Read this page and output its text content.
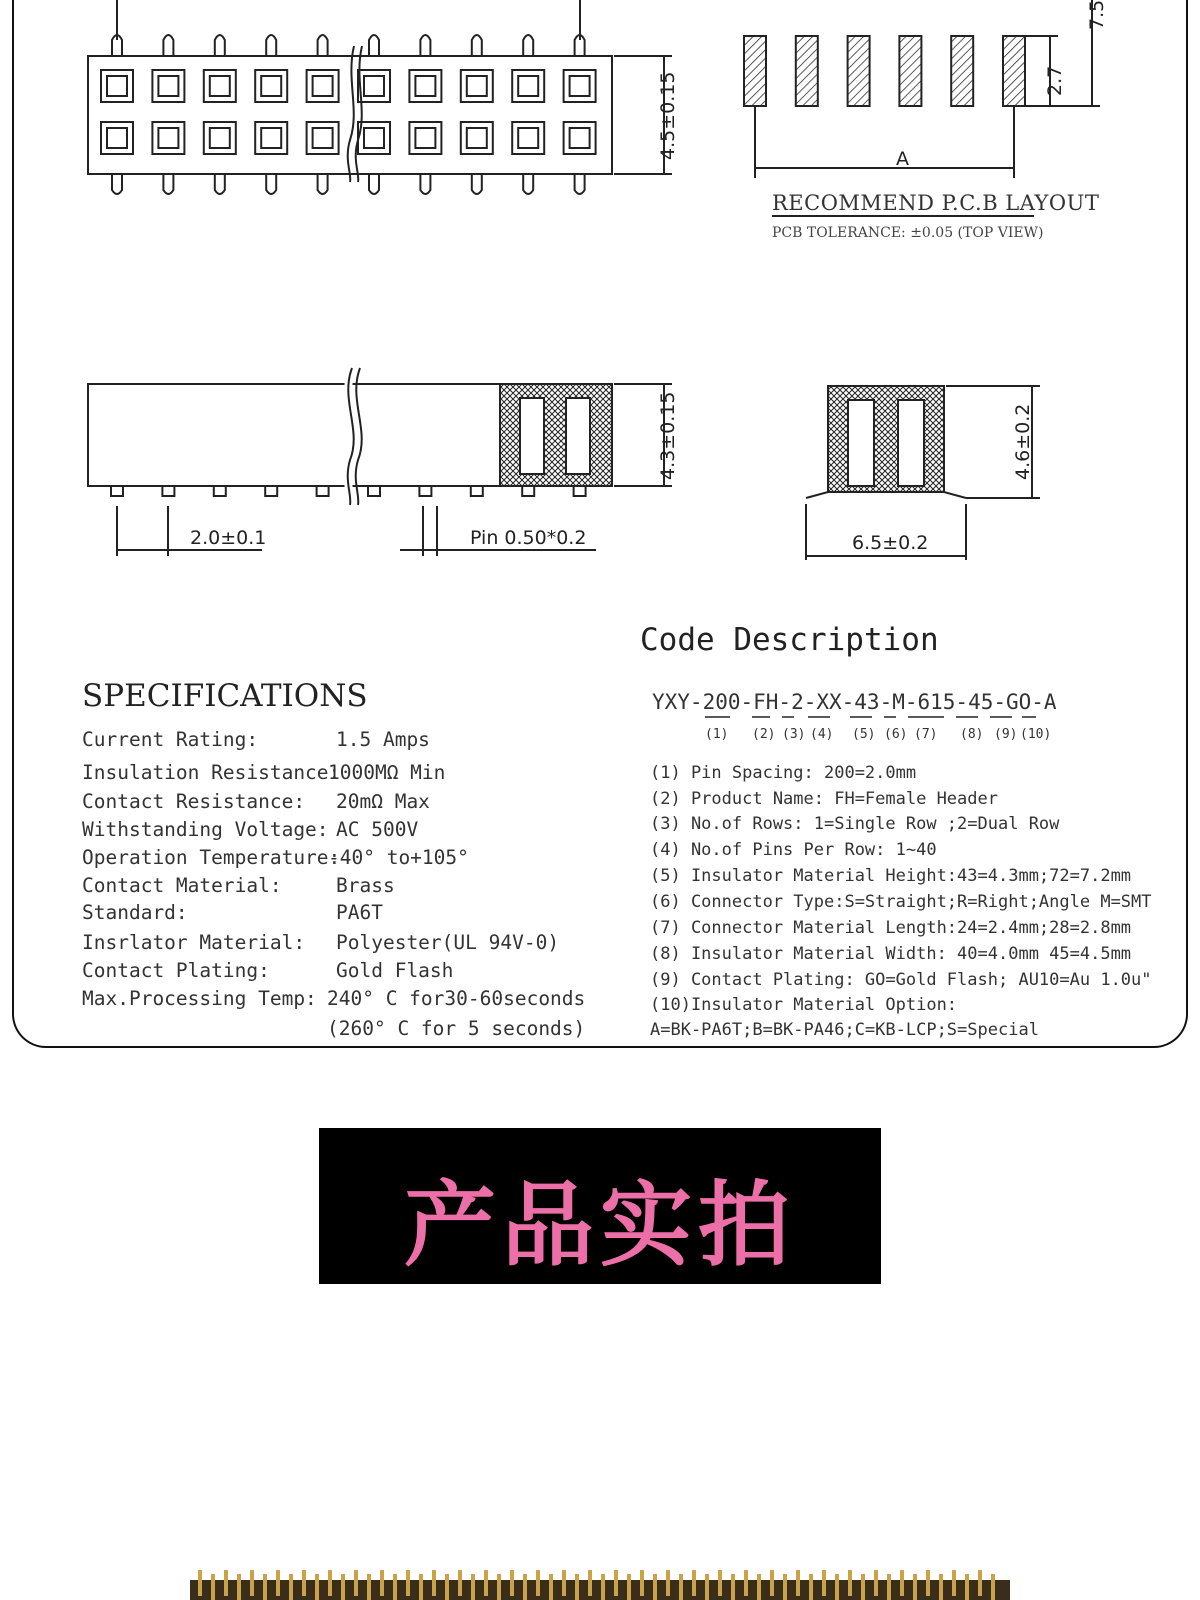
4.5±0.15	A
2.7
7.5
RECOMMEND P.C.B LAYOUT
PCB TOLERANCE: ±0.05 (TOP VIEW)
4.3±0.15
2.0±0.1	Pin 0.50*0.2
4.6±0.2
6.5±0.2
SPECIFICATIONS
Current Rating:	1.5 Amps
Insulation Resistance:
1000MΩ Min
Contact Resistance: 20mΩ Max
Withstanding Voltage: AC 500V
Operation Temperature:
-40° to+105°
Contact Material:	Brass
Standard:	PA6T
Insrlator Material: Polyester(UL 94V-0)
Contact Plating:	Gold Flash
Max.Processing Temp: 240° C for30-60seconds
(260° C for 5 seconds)
Code Description
YXY-200-FH-2-XX-43-M-615-45-GO-A
(1) (2) (3) (4) (5) (6) (7) (8) (9) (10)
(1) Pin Spacing: 200=2.0mm
(2) Product Name: FH=Female Header
(3) No.of Rows: 1=Single Row ;2=Dual Row
(4) No.of Pins Per Row: 1~40
(5) Insulator Material Height:43=4.3mm;72=7.2mm
(6) Connector Type:S=Straight;R=Right;Angle M=SMT
(7) Connector Material Length:24=2.4mm;28=2.8mm
(8) Insulator Material Width: 40=4.0mm 45=4.5mm
(9) Contact Plating: GO=Gold Flash; AU10=Au 1.0u"
(10)Insulator Material Option:
A=BK-PA6T;B=BK-PA46;C=KB-LCP;S=Special
产品实拍
